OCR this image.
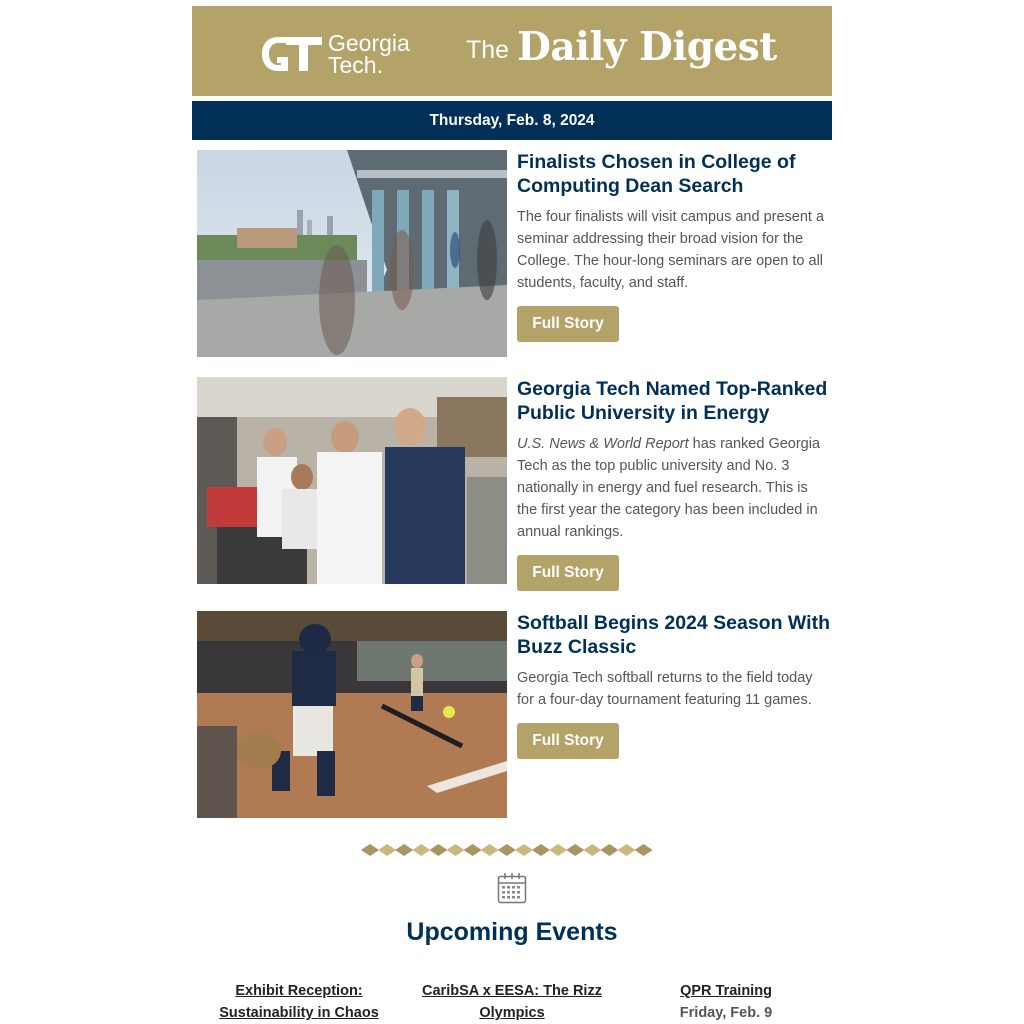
Georgia
Tech.
The Daily Digest
Thursday, Feb. 8, 2024
Finalists Chosen in College of Computing Dean Search

The four finalists will visit campus and present a seminar addressing their broad vision for the College. The hour-long seminars are open to all students, faculty, and staff.

Full Story
Georgia Tech Named Top-Ranked Public University in Energy

U.S. News & World Report has ranked Georgia Tech as the top public university and No. 3 nationally in energy and fuel research. This is the first year the category has been included in annual rankings.

Full Story
Softball Begins 2024 Season With Buzz Classic

Georgia Tech softball returns to the field today for a four-day tournament featuring 11 games.

Full Story
Upcoming Events
Exhibit Reception: Sustainability in Chaos
CaribSA x EESA: The Rizz Olympics
QPR Training
Friday, Feb. 9
